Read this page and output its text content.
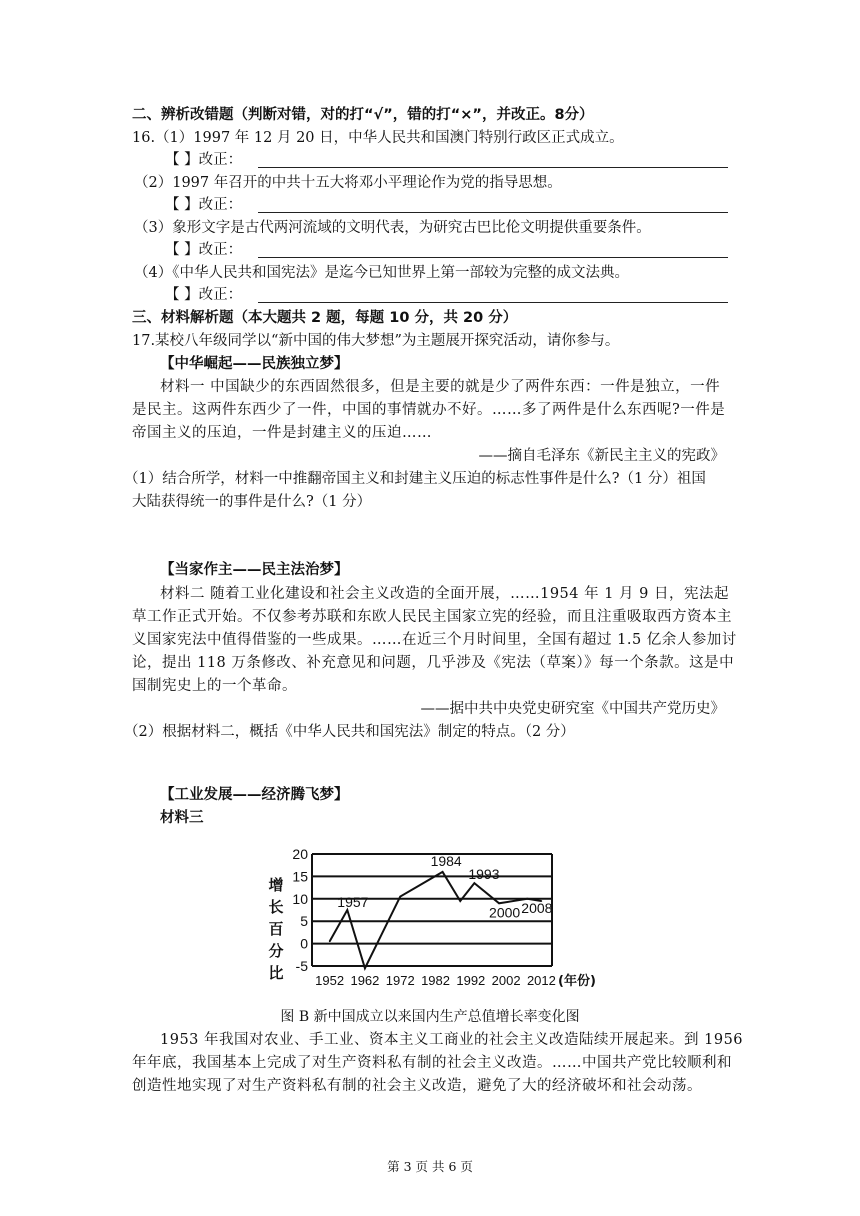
二、辨析改错题（判断对错，对的打“√”，错的打“×”，并改正。8分）
16.（1）1997 年 12 月 20 日，中华人民共和国澳门特别行政区正式成立。
【 】改正：
（2）1997 年召开的中共十五大将邓小平理论作为党的指导思想。
【 】改正：
（3）象形文字是古代两河流域的文明代表，为研究古巴比伦文明提供重要条件。
【 】改正：
（4）《中华人民共和国宪法》是迄今已知世界上第一部较为完整的成文法典。
【 】改正：
三、材料解析题（本大题共 2 题，每题 10 分，共 20 分）
17.某校八年级同学以“新中国的伟大梦想”为主题展开探究活动，请你参与。
【中华崛起——民族独立梦】
材料一 中国缺少的东西固然很多，但是主要的就是少了两件东西：一件是独立，一件
是民主。这两件东西少了一件，中国的事情就办不好。……多了两件是什么东西呢?一件是
帝国主义的压迫，一件是封建主义的压迫……
——摘自毛泽东《新民主主义的宪政》
（1）结合所学，材料一中推翻帝国主义和封建主义压迫的标志性事件是什么?（1 分）祖国
大陆获得统一的事件是什么?（1 分）
【当家作主——民主法治梦】
材料二 随着工业化建设和社会主义改造的全面开展，……1954 年 1 月 9 日，宪法起
草工作正式开始。不仅参考苏联和东欧人民民主国家立宪的经验，而且注重吸取西方资本主
义国家宪法中值得借鉴的一些成果。……在近三个月时间里，全国有超过 1.5 亿余人参加讨
论，提出 118 万条修改、补充意见和问题，几乎涉及《宪法（草案）》每一个条款。这是中
国制宪史上的一个革命。
——据中共中央党史研究室《中国共产党历史》
（2）根据材料二，概括《中华人民共和国宪法》制定的特点。（2 分）
【工业发展——经济腾飞梦】
材料三
20
15
10
5
0
-5
增
长
百
分
比 1952 1962 1972 1982 1992 2002 2012 (年份)
1957
1984
1993
2000 2008
图 B 新中国成立以来国内生产总值增长率变化图
1953 年我国对农业、手工业、资本主义工商业的社会主义改造陆续开展起来。到 1956
年年底，我国基本上完成了对生产资料私有制的社会主义改造。……中国共产党比较顺利和
创造性地实现了对生产资料私有制的社会主义改造，避免了大的经济破坏和社会动荡。
第 3 页 共 6 页
